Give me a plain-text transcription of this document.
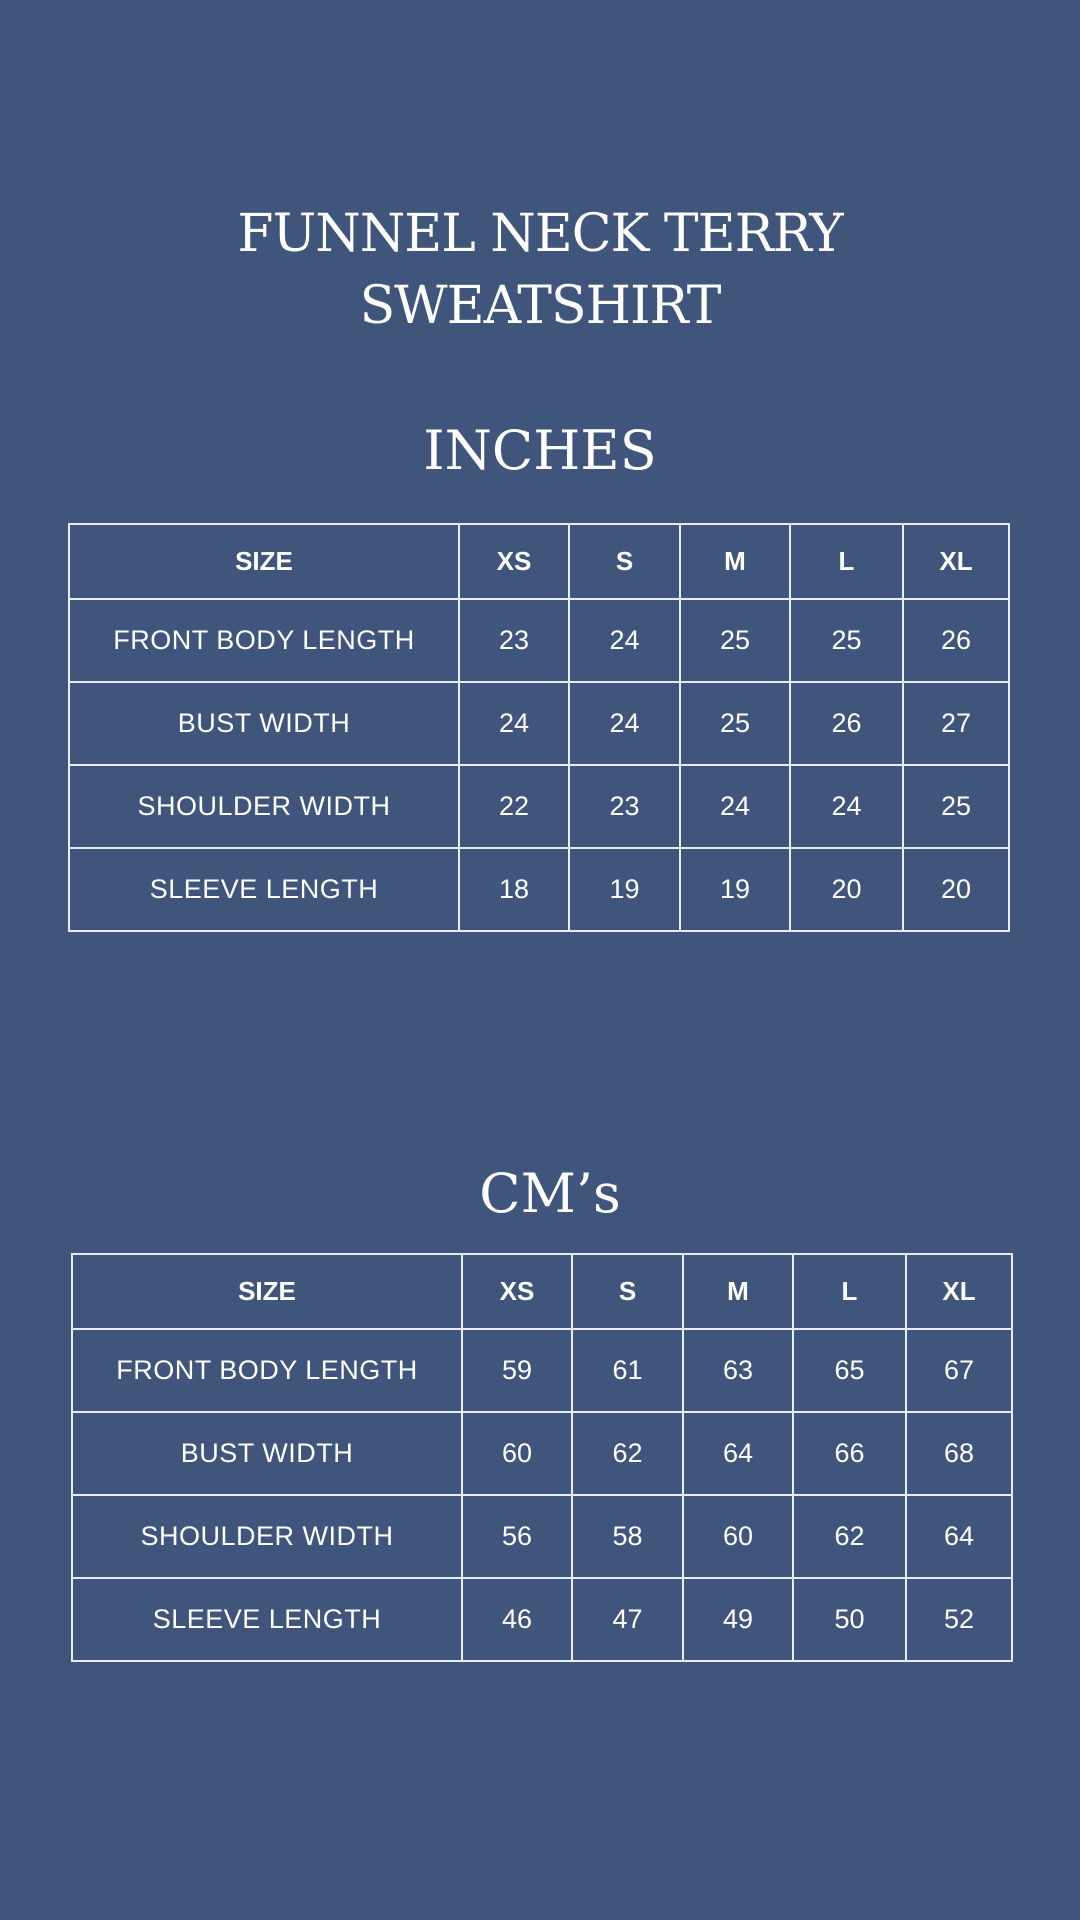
FUNNEL NECK TERRY
SWEATSHIRT
INCHES
SIZE	XS	S	M	L	XL
FRONT BODY LENGTH	23	24	25	25	26
BUST WIDTH	24	24	25	26	27
SHOULDER WIDTH	22	23	24	24	25
SLEEVE LENGTH	18	19	19	20	20
CM’s
SIZE	XS	S	M	L	XL
FRONT BODY LENGTH	59	61	63	65	67
BUST WIDTH	60	62	64	66	68
SHOULDER WIDTH	56	58	60	62	64
SLEEVE LENGTH	46	47	49	50	52
